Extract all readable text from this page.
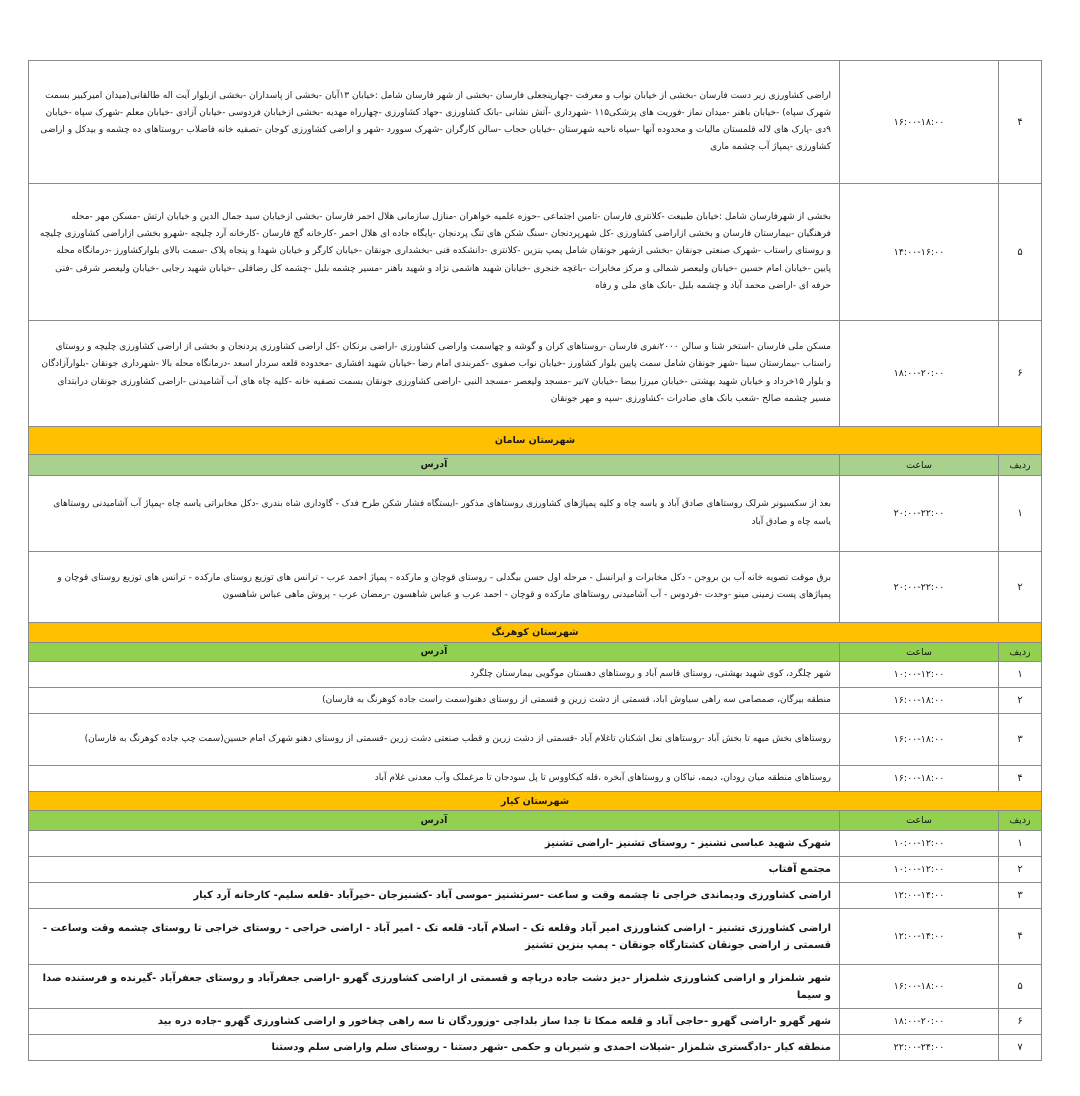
۴	۱۶:۰۰-۱۸:۰۰	اراضی کشاورزی زیر دست فارسان -بخشی از خیابان نواب و معرفت -چهارپنجعلی فارسان -بخشی از شهر فارسان شامل :خیابان ۱۳آبان -بخشی از پاسداران -بخشی ازبلوار آیت اله طالقانی(میدان امیرکبیر بسمت شهرک سپاه) -خیابان باهنر -میدان نماز -فوریت های پزشکی۱۱۵ -شهرداری -آتش نشانی -بانک کشاورزی -جهاد کشاورزی -چهارراه مهدیه -بخشی ازخیابان فردوسی -خیابان آزادی -خیابان معلم -شهرک سپاه -خیابان ۹دی -پارک های لاله قلمستان مالیات و محدوده آنها -سپاه ناحیه شهرستان -خیابان حجاب -سالن کارگران -شهرک سوورد -شهر و اراضی کشاورزی کوجان -تصفیه خانه فاضلاب -روستاهای ده چشمه و بیدکل و اراضی کشاورزی -پمپاژ آب چشمه ماری
۵	۱۴:۰۰-۱۶:۰۰	بخشی از شهرفارسان شامل :خیابان طبیعت -کلانتری فارسان -تامین اجتماعی -حوزه علمیه خواهران -منازل سازمانی هلال احمر فارسان -بخشی ازخیابان سید جمال الدین و خیابان ارتش -مسکن مهر -محله فرهنگیان -بیمارستان فارسان و بخشی ازاراضی کشاورزی -کل شهرپردنجان -سنگ شکن های تنگ پردنجان -پایگاه جاده ای هلال احمر -کارخانه گچ فارسان -کارخانه آرد چلیچه -شهرو بخشی ازاراضی کشاورزی چلیچه و روستای راستاب -شهرک صنعتی جونقان -بخشی ازشهر جونقان شامل پمپ بنزین -کلانتری -دانشکده فنی -بخشداری جونقان -خیابان کارگر و خیابان شهدا و پنجاه پلاک -سمت بالای بلوارکشاورز -درمانگاه محله پایین -خیابان امام حسین -خیابان ولیعصر شمالی و مرکز مخابرات -باغچه خنجری -خیابان شهید هاشمی نژاد و شهید باهنر -مسیر چشمه بلبل -چشمه کل رضاقلی -خیابان شهید رجایی -خیابان ولیعصر شرقی -فنی حرفه ای -اراضی محمد آباد و چشمه بلبل -بانک های ملی و رفاه
۶	۱۸:۰۰-۲۰:۰۰	مسکن ملی فارسان -استخر شنا و سالن ۲۰۰۰نفری فارسان -روستاهای کران و گوشه و چهاسمت واراضی کشاورزی -اراضی برنکان -کل اراضی کشاورزی پردنجان و بخشی از اراضی کشاورزی چلیچه و روستای راستاب -بیمارستان سینا -شهر جونقان شامل سمت پایین بلوار کشاورز -خیابان نواب صفوی -کمربندی امام رضا -خیابان شهید افشاری -محدوده قلعه سردار اسعد -درمانگاه محله بالا -شهرداری جونقان -بلوارآزادگان و بلوار ۱۵خرداد و خیابان شهید بهشتی -خیابان میرزا بیضا -خیابان ۷تیر -مسجد ولیعصر -مسجد النبی -اراضی کشاورزی جونقان بسمت تصفیه خانه -کلیه چاه های آب آشامیدنی -اراضی کشاورزی جونقان درابتدای مسیر چشمه صالح -شعب بانک های صادرات -کشاورزی -سپه و مهر جونقان
شهرستان سامان		
ردیف	ساعت	آدرس
۱	۲۰:۰۰-۲۲:۰۰	بعد از سکسیونر شرلک روستاهای صادق آباد و یاسه چاه و کلیه پمپاژهای کشاورزی روستاهای مذکور -ایستگاه فشار شکن طرح فدک - گاوداری شاه بندری -دکل مخابراتی یاسه چاه -پمپاژ آب آشامیدنی روستاهای یاسه چاه و صادق آباد
۲	۲۰:۰۰-۲۲:۰۰	برق موقت تصویه خانه آب بن بروجن - دکل مخابرات و ایرانسل - مرحله اول حسن بیگدلی - روستای قوچان و مارکده - پمپاژ احمد عرب - ترانس های توزیع روستای مارکده - ترانس های توزیع روستای قوچان و پمپاژهای پست زمینی مینو -وحدت -فردوس - آب آشامیدنی روستاهای مارکده و قوچان - احمد عرب و عباس شاهسون -رمضان عرب - پروش ماهی عباس شاهسون
شهرستان کوهرنگ		
ردیف	ساعت	آدرس
۱	۱۰:۰۰-۱۲:۰۰	شهر چلگرد، کوی شهید بهشتی، روستای قاسم آباد و روستاهای دهستان موگویی بیمارستان چلگرد
۲	۱۶:۰۰-۱۸:۰۰	منطقه بیرگان، صمصامی سه راهی سیاوش اباد، قسمتی از دشت زرین و قسمتی از روستای دهنو(سمت راست جاده کوهرنگ به فارسان)
۳	۱۶:۰۰-۱۸:۰۰	روستاهای بخش میهه تا بخش آباد -روستاهای نعل اشکنان تاغلام آباد -قسمتی از دشت زرین و قطب صنعتی دشت زرین -قسمتی از روستای دهنو شهرک امام حسین(سمت چپ جاده کوهرنگ به فارسان)
۴	۱۶:۰۰-۱۸:۰۰	روستاهای منطقه میان رودان، دیمه، نیاکان و روستاهای آبخره ،قله کیکاووس تا پل سودجان تا مرغملک وآب معدنی غلام آباد
شهرستان کیار		
ردیف	ساعت	آدرس
۱	۱۰:۰۰-۱۲:۰۰	شهرک شهید عباسی تشنیز - روستای تشنیز -اراضی تشنیز
۲	۱۰:۰۰-۱۲:۰۰	مجتمع آفتاب
۳	۱۲:۰۰-۱۴:۰۰	اراضی کشاورزی ودیماندی خراجی تا چشمه وقت و ساعت -سرتشنیز -موسی آباد -کشنیزجان -خیرآباد -قلعه سلیم- کارخانه آرد کیار
۴	۱۲:۰۰-۱۴:۰۰	اراضی کشاورزی تشنیز - اراضی کشاورزی امیر آباد وقلعه تک - اسلام آباد- قلعه تک - امیر آباد - اراضی خراجی - روستای خراجی تا روستای چشمه وقت وساعت - قسمتی ز اراضی جونقان کشتارگاه جونقان - پمپ بنزین تشنیز
۵	۱۶:۰۰-۱۸:۰۰	شهر شلمزار و اراضی کشاورزی شلمزار -دیز دشت جاده دریاچه و قسمتی از اراضی کشاورزی گهرو -اراضی جعفرآباد و روستای جعفرآباد -گیرنده و فرستنده صدا و سیما
۶	۱۸:۰۰-۲۰:۰۰	شهر گهرو -اراضی گهرو -حاجی آباد و قلعه ممکا تا جدا ساز بلداجی -وزوردگان تا سه راهی چغاخور و اراضی کشاورزی گهرو -جاده دره بید
۷	۲۲:۰۰-۲۴:۰۰	منطقه کیار -دادگستری شلمزار -شیلات احمدی و شیربان و حکمی -شهر دستنا - روستای سلم واراضی سلم ودستنا
